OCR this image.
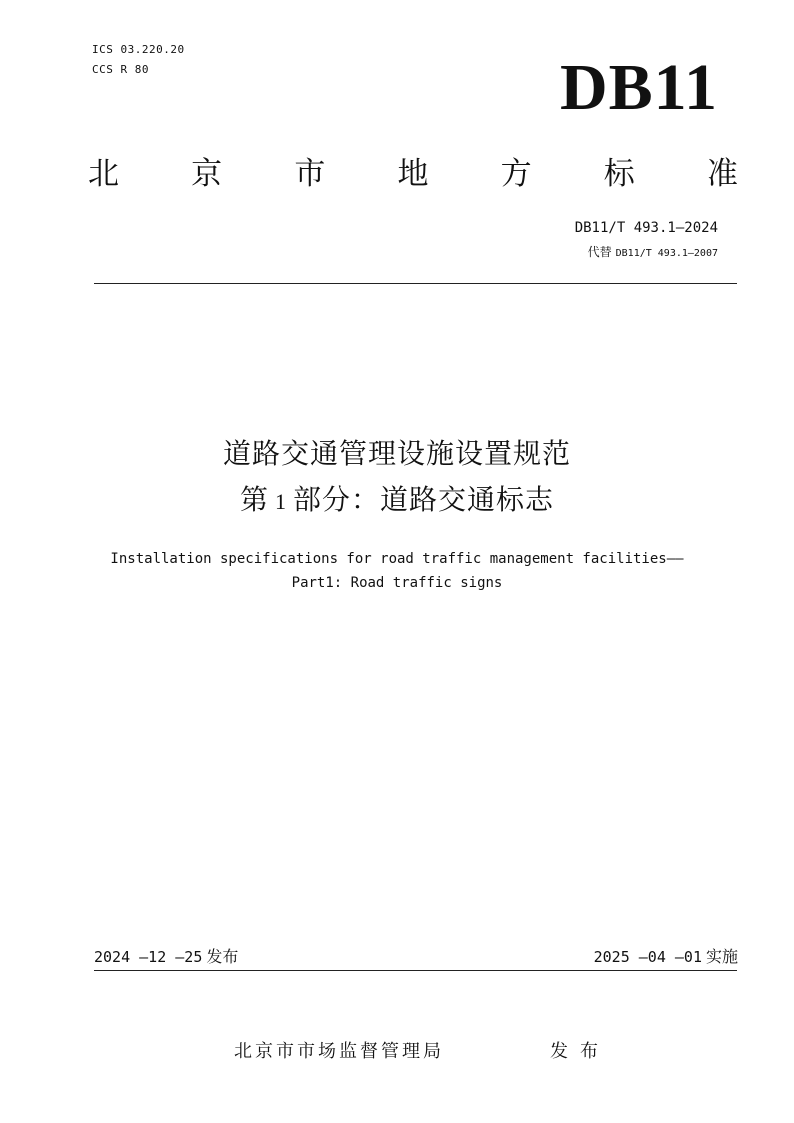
ICS 03.220.20
CCS R 80	DB11
北 京 市 地 方 标 准
DB11/T 493.1—2024
代替 DB11/T 493.1—2007
道路交通管理设施设置规范
第 1 部分：道路交通标志
Installation specifications for road traffic management facilities——
Part1: Road traffic signs
2024 —12 —25 发布	2025 —04 —01 实施
北京市市场监督管理局	发布
